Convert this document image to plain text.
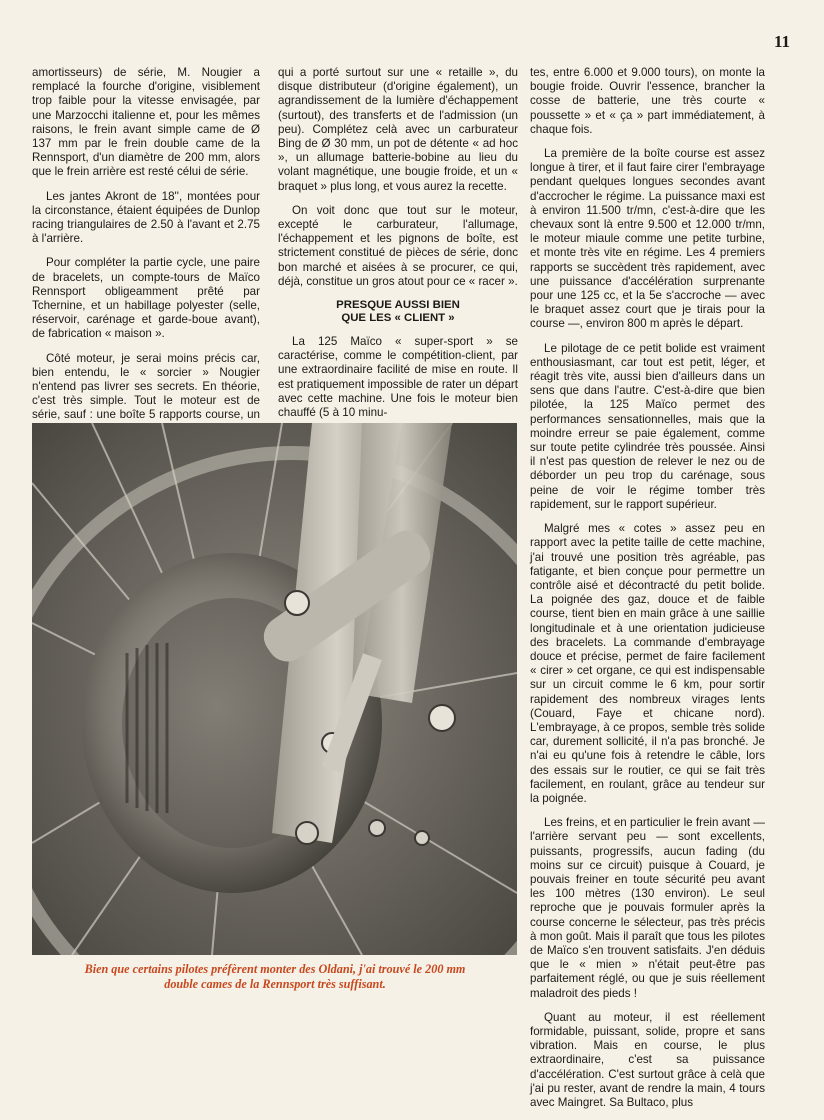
11

amortisseurs) de série, M. Nougier a remplacé la fourche d'origine, visiblement trop faible pour la vitesse envisagée, par une Marzocchi italienne et, pour les mêmes raisons, le frein avant simple came de Ø 137 mm par le frein double came de la Rennsport, d'un diamètre de 200 mm, alors que le frein arrière est resté célui de série.

Les jantes Akront de 18'', montées pour la circonstance, étaient équipées de Dunlop racing triangulaires de 2.50 à l'avant et 2.75 à l'arrière.

Pour compléter la partie cycle, une paire de bracelets, un compte-tours de Maïco Rennsport obligeamment prêté par Tchernine, et un habillage polyester (selle, réservoir, carénage et garde-boue avant), de fabrication « maison ».

Côté moteur, je serai moins précis car, bien entendu, le « sorcier » Nougier n'entend pas livrer ses secrets. En théorie, c'est très simple. Tout le moteur est de série, sauf : une boîte 5 rapports course, un

qui a porté surtout sur une « retaille », du disque distributeur (d'origine également), un agrandissement de la lumière d'échappement (surtout), des transferts et de l'admission (un peu). Complétez celà avec un carburateur Bing de Ø 30 mm, un pot de détente « ad hoc », un allumage batterie-bobine au lieu du volant magnétique, une bougie froide, et un « braquet » plus long, et vous aurez la recette.

On voit donc que tout sur le moteur, excepté le carburateur, l'allumage, l'échappement et les pignons de boîte, est strictement constitué de pièces de série, donc bon marché et aisées à se procurer, ce qui, déjà, constitue un gros atout pour ce « racer ».

PRESQUE AUSSI BIEN
QUE LES « CLIENT »

La 125 Maïco « super-sport » se caractérise, comme le compétition-client, par une extraordinaire facilité de mise en route. Il est pratiquement impossible de rater un départ avec cette machine. Une fois le moteur bien chauffé (5 à 10 minu-

tes, entre 6.000 et 9.000 tours), on monte la bougie froide. Ouvrir l'essence, brancher la cosse de batterie, une très courte « poussette » et « ça » part immédiatement, à chaque fois.

La première de la boîte course est assez longue à tirer, et il faut faire cirer l'embrayage pendant quelques longues secondes avant d'accrocher le régime. La puissance maxi est à environ 11.500 tr/mn, c'est-à-dire que les chevaux sont là entre 9.500 et 12.000 tr/mn, le moteur miaule comme une petite turbine, et monte très vite en régime. Les 4 premiers rapports se succèdent très rapidement, avec une puissance d'accélération surprenante pour une 125 cc, et la 5e s'accroche — avec le braquet assez court que je tirais pour la course —, environ 800 m après le départ.

Le pilotage de ce petit bolide est vraiment enthousiasmant, car tout est petit, léger, et réagit très vite, aussi bien d'ailleurs dans un sens que dans l'autre. C'est-à-dire que bien pilotée, la 125 Maïco permet des performances sensationnelles, mais que la moindre erreur se paie également, comme sur toute petite cylindrée très poussée. Ainsi il n'est pas question de relever le nez ou de déborder un peu trop du carénage, sous peine de voir le régime tomber très rapidement, sur le rapport supérieur.

Malgré mes « cotes » assez peu en rapport avec la petite taille de cette machine, j'ai trouvé une position très agréable, pas fatigante, et bien conçue pour permettre un contrôle aisé et décontracté du petit bolide. La poignée des gaz, douce et de faible course, tient bien en main grâce à une saillie longitudinale et à une orientation judicieuse des bracelets. La commande d'embrayage douce et précise, permet de faire facilement « cirer » cet organe, ce qui est indispensable sur un circuit comme le 6 km, pour sortir rapidement des nombreux virages lents (Couard, Faye et chicane nord). L'embrayage, à ce propos, semble très solide car, durement sollicité, il n'a pas bronché. Je n'ai eu qu'une fois à retendre le câble, lors des essais sur le routier, ce qui se fait très facilement, en roulant, grâce au tendeur sur la poignée.

Les freins, et en particulier le frein avant — l'arrière servant peu — sont excellents, puissants, progressifs, aucun fading (du moins sur ce circuit) puisque à Couard, je pouvais freiner en toute sécurité peu avant les 100 mètres (130 environ). Le seul reproche que je pouvais formuler après la course concerne le sélecteur, pas très précis à mon goût. Mais il paraît que tous les pilotes de Maïco s'en trouvent satisfaits. J'en déduis que le « mien » n'était peut-être pas parfaitement réglé, ou que je suis réellement maladroit des pieds !

Quant au moteur, il est réellement formidable, puissant, solide, propre et sans vibration. Mais en course, le plus extraordinaire, c'est sa puissance d'accélération. C'est surtout grâce à celà que j'ai pu rester, avant de rendre la main, 4 tours avec Maingret. Sa Bultaco, plus

Bien que certains pilotes préfèrent monter des Oldani, j'ai trouvé le 200 mm
double cames de la Rennsport très suffisant.
